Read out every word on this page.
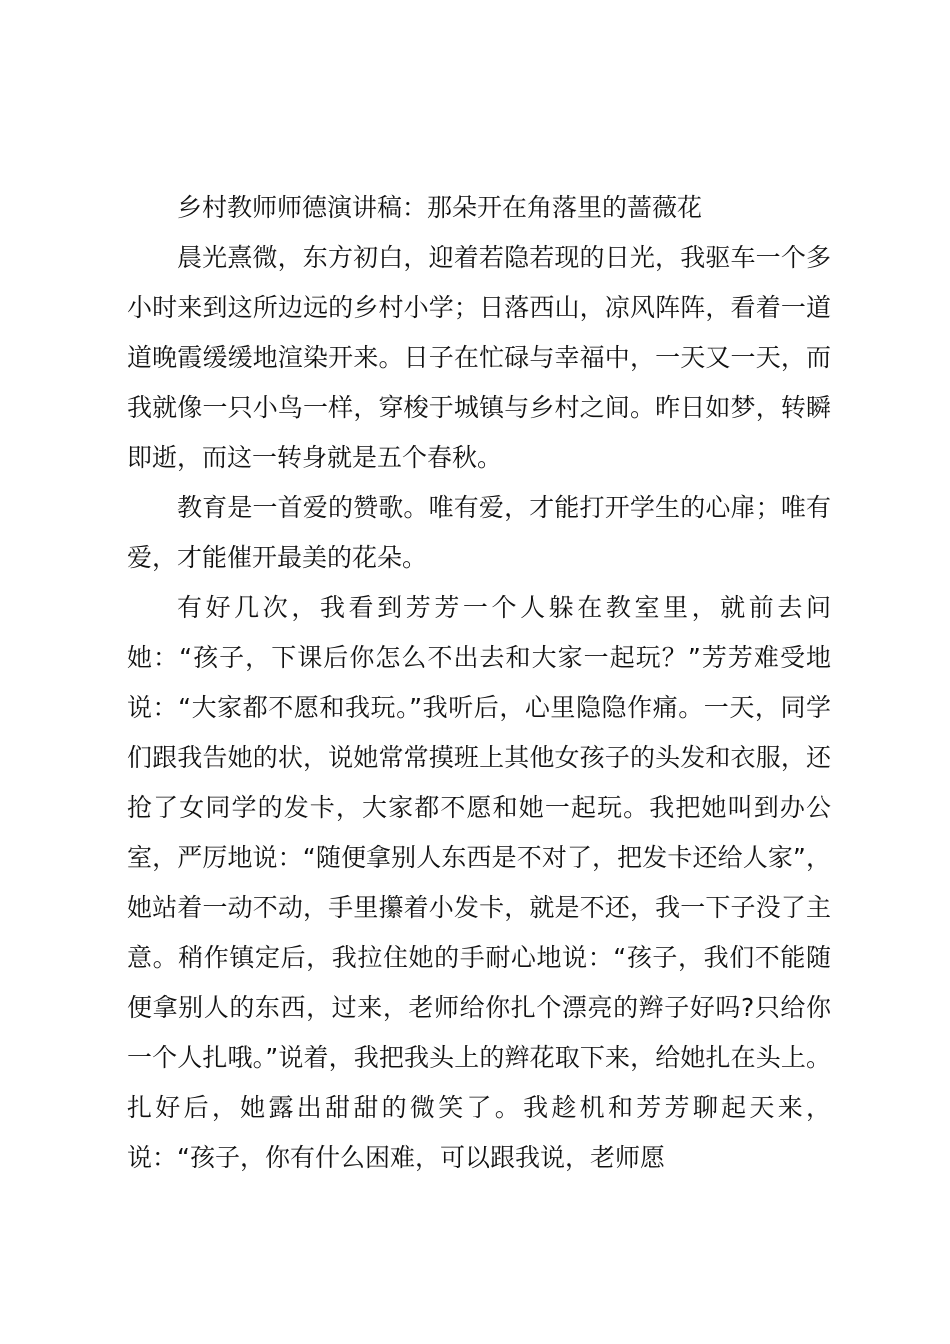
乡村教师师德演讲稿：那朵开在角落里的蔷薇花

晨光熹微，东方初白，迎着若隐若现的日光，我驱车一个多小时来到这所边远的乡村小学；日落西山，凉风阵阵，看着一道道晚霞缓缓地渲染开来。日子在忙碌与幸福中，一天又一天，而我就像一只小鸟一样，穿梭于城镇与乡村之间。昨日如梦，转瞬即逝，而这一转身就是五个春秋。

教育是一首爱的赞歌。唯有爱，才能打开学生的心扉；唯有爱，才能催开最美的花朵。

有好几次，我看到芳芳一个人躲在教室里，就前去问她：“孩子，下课后你怎么不出去和大家一起玩？”芳芳难受地说：“大家都不愿和我玩。”我听后，心里隐隐作痛。一天，同学们跟我告她的状，说她常常摸班上其他女孩子的头发和衣服，还抢了女同学的发卡，大家都不愿和她一起玩。我把她叫到办公室，严厉地说：“随便拿别人东西是不对了，把发卡还给人家”，她站着一动不动，手里攥着小发卡，就是不还，我一下子没了主意。稍作镇定后，我拉住她的手耐心地说：“孩子，我们不能随便拿别人的东西，过来，老师给你扎个漂亮的辫子好吗?只给你一个人扎哦。”说着，我把我头上的辫花取下来，给她扎在头上。扎好后，她露出甜甜的微笑了。我趁机和芳芳聊起天来，说：“孩子，你有什么困难，可以跟我说，老师愿
